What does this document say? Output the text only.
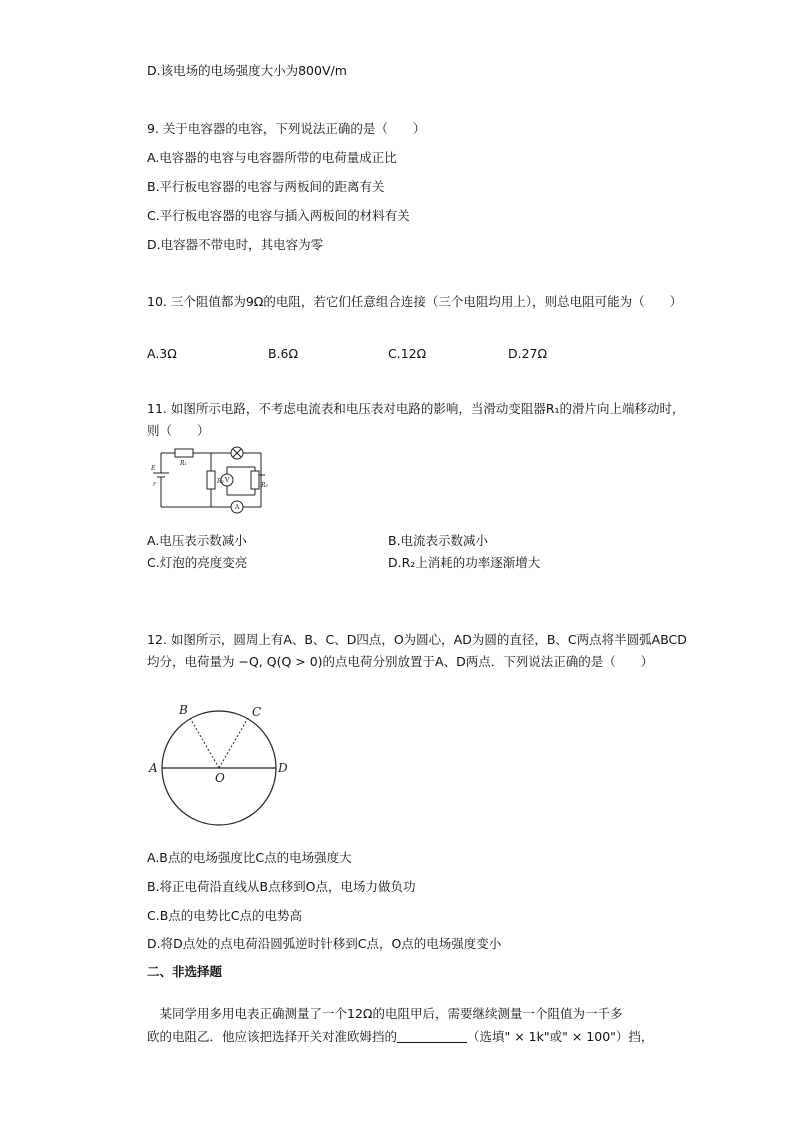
D.该电场的电场强度大小为800V/m
9. 关于电容器的电容，下列说法正确的是（　　）
A.电容器的电容与电容器所带的电荷量成正比
B.平行板电容器的电容与两板间的距离有关
C.平行板电容器的电容与插入两板间的材料有关
D.电容器不带电时，其电容为零
10. 三个阻值都为9Ω的电阻，若它们任意组合连接（三个电阻均用上），则总电阻可能为（　　）
A.3Ω	B.6Ω	C.12Ω	D.27Ω
11. 如图所示电路，不考虑电流表和电压表对电路的影响，当滑动变阻器R₁的滑片向上端移动时，则（　　）
E
r
R₁
R₂
R₃
V
A
A.电压表示数减小	B.电流表示数减小
C.灯泡的亮度变亮	D.R₂上消耗的功率逐渐增大
12. 如图所示，圆周上有A、B、C、D四点，O为圆心，AD为圆的直径，B、C两点将半圆弧ABCD均分，电荷量为 −Q, Q(Q > 0)的点电荷分别放置于A、D两点．下列说法正确的是（　　）
A
B	C
D
O
A.B点的电场强度比C点的电场强度大
B.将正电荷沿直线从B点移到O点，电场力做负功
C.B点的电势比C点的电势高
D.将D点处的点电荷沿圆弧逆时针移到C点，O点的电场强度变小
二、非选择题
　某同学用多用电表正确测量了一个12Ω的电阻甲后，需要继续测量一个阻值为一千多
欧的电阻乙．他应该把选择开关对准欧姆挡的	（选填" × 1k"或" × 100"）挡，
